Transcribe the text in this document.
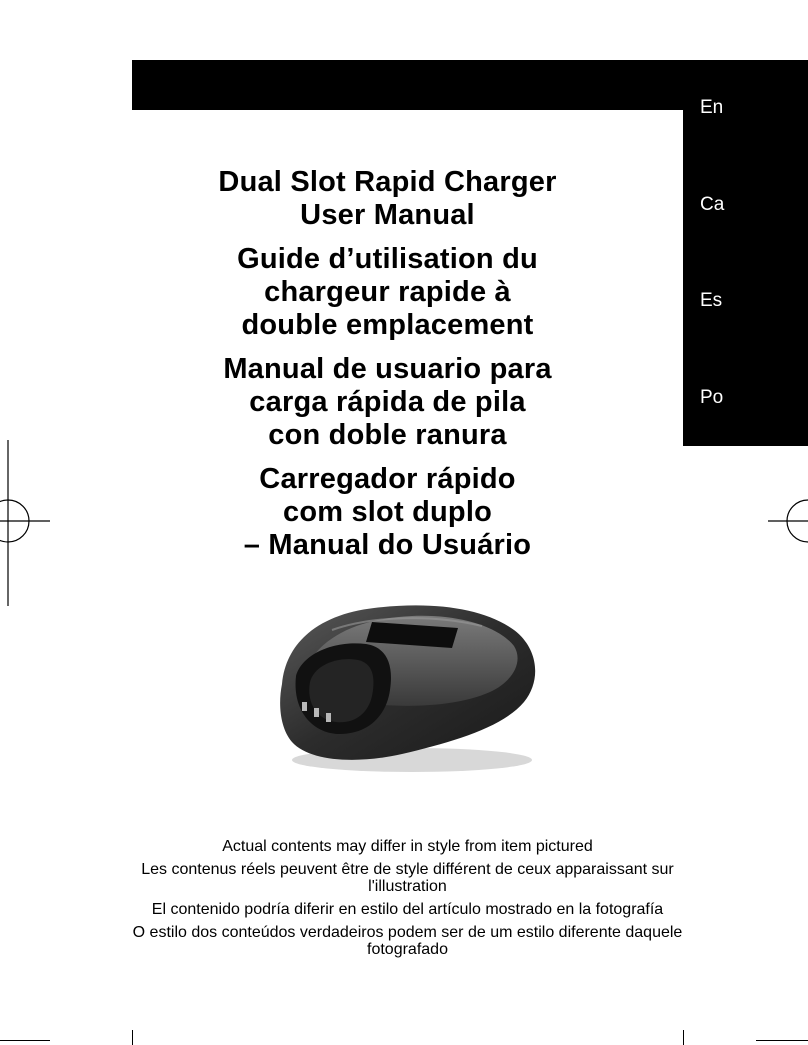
En
Ca
Es
Po
Dual Slot Rapid Charger
User Manual
Guide d’utilisation du
chargeur rapide à
double emplacement
Manual de usuario para
carga rápida de pila
con doble ranura
Carregador rápido
com slot duplo
– Manual do Usuário
Actual contents may differ in style from item pictured
Les contenus réels peuvent être de style différent de ceux apparaissant sur l'illustration
El contenido podría diferir en estilo del artículo mostrado en la fotografía
O estilo dos conteúdos verdadeiros podem ser de um estilo diferente daquele fotografado
